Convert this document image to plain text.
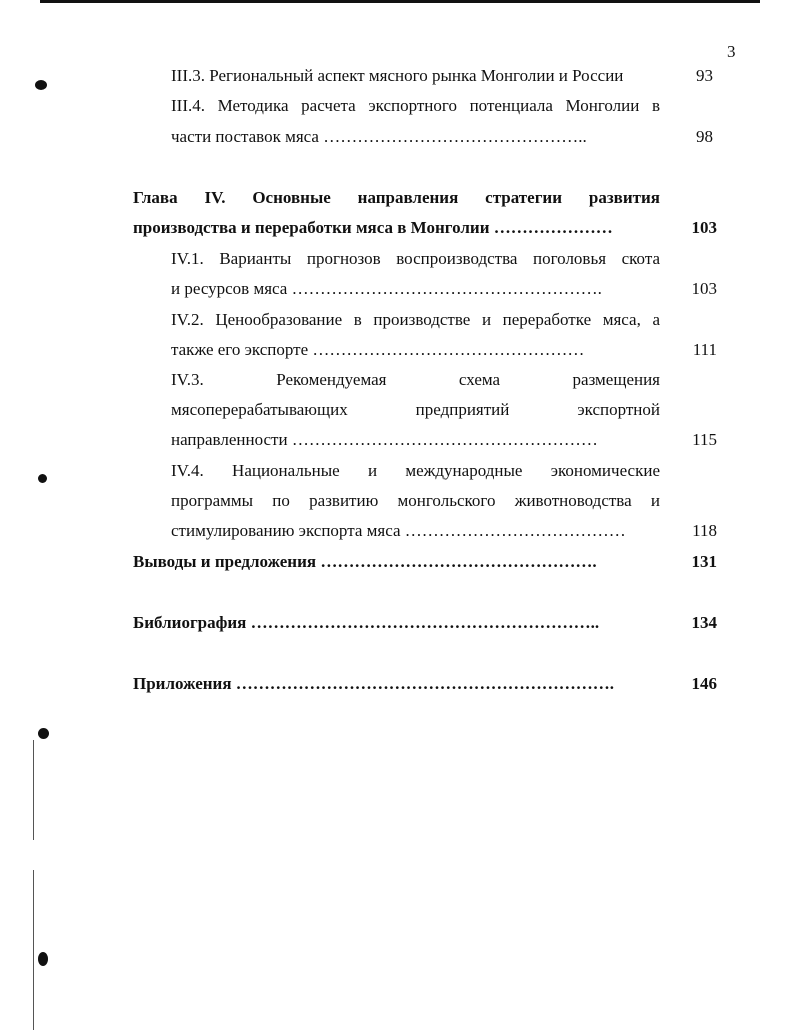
3
III.3. Региональный аспект мясного рынка Монголии и России	93
III.4. Методика расчета экспортного потенциала Монголии в
части поставок мяса ………………………………………..	98
Глава IV. Основные направления стратегии развития
производства и переработки мяса в Монголии …………………	103
IV.1. Варианты прогнозов воспроизводства поголовья скота
и ресурсов мяса ……………………………………………….	103
IV.2. Ценообразование в производстве и переработке мяса, а
также его экспорте …………………………………………	111
IV.3. Рекомендуемая схема размещения
мясоперерабатывающих предприятий экспортной
направленности ………………………………………………	115
IV.4. Национальные и международные экономические
программы по развитию монгольского животноводства и
стимулированию экспорта мяса …………………………………	118
Выводы и предложения ………………………………………….	131
Библиография ……………………………………………………..	134
Приложения ………………………………………………………….	146
